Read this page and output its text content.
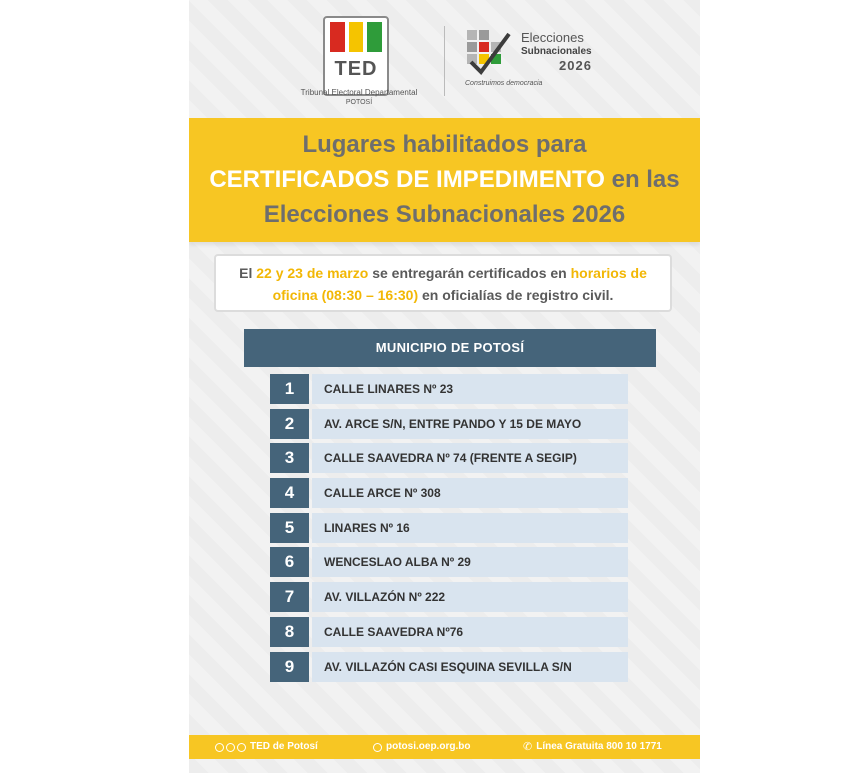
TED
Tribunal Electoral Departamental
POTOSÍ
Elecciones
Subnacionales
2026
Construimos democracia
Lugares habilitados para
CERTIFICADOS DE IMPEDIMENTO en las
Elecciones Subnacionales 2026
El 22 y 23 de marzo se entregarán certificados en horarios de oficina (08:30 – 16:30) en oficialías de registro civil.
MUNICIPIO DE POTOSÍ
1	CALLE LINARES Nº 23
2	AV. ARCE S/N, ENTRE PANDO Y 15 DE MAYO
3	CALLE SAAVEDRA Nº 74 (FRENTE A SEGIP)
4	CALLE ARCE Nº 308
5	LINARES Nº 16
6	WENCESLAO ALBA Nº 29
7	AV. VILLAZÓN Nº 222
8	CALLE SAAVEDRA Nº76
9	AV. VILLAZÓN CASI ESQUINA SEVILLA S/N
TED de Potosí	potosi.oep.org.bo	✆ Línea Gratuita 800 10 1771
